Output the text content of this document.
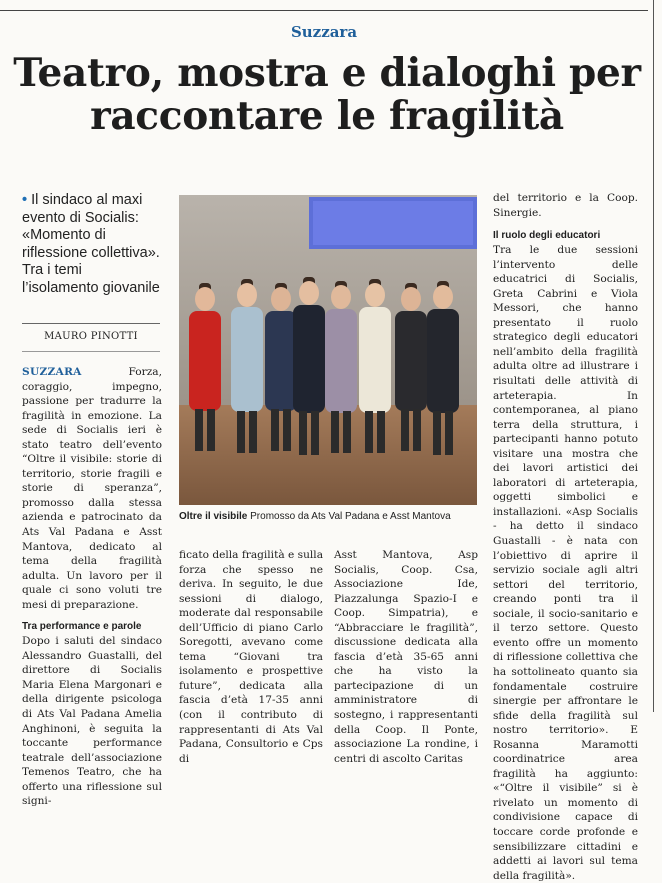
Suzzara
Teatro, mostra e dialoghi per raccontare le fragilità
• Il sindaco al maxi evento di Socialis: «Momento di riflessione collettiva». Tra i temi l’isolamento giovanile
MAURO PINOTTI

SUZZARA	Forza, coraggio, impegno, passione per tradurre la fragilità in emozione. La sede di Socialis ieri è stato teatro dell’evento “Oltre il visibile: storie di territorio, storie fragili e storie di speranza”, promosso dalla stessa azienda e patrocinato da Ats Val Padana e Asst Mantova, dedicato al tema della fragilità adulta. Un lavoro per il quale ci sono voluti tre mesi di preparazione.

Tra performance e parole

Dopo i saluti del sindaco Alessandro Guastalli, del direttore di Socialis Maria Elena Margonari e della dirigente psicologa di Ats Val Padana Amelia Anghinoni, è seguita la toccante performance teatrale dell’associazione Temenos Teatro, che ha offerto una riflessione sul signi-

ficato della fragilità e sulla forza che spesso ne deriva. In seguito, le due sessioni di dialogo, moderate dal responsabile dell’Ufficio di piano Carlo Soregotti, avevano come tema “Giovani tra isolamento e prospettive future”, dedicata alla fascia d’età 17-35 anni (con il contributo di rappresentanti di Ats Val Padana, Consultorio e Cps di

Asst Mantova, Asp Socialis, Coop. Csa, Associazione Ide, Piazzalunga Spazio-I e Coop. Simpatria), e “Abbracciare le fragilità”, discussione dedicata alla fascia d’età 35-65 anni che ha visto la partecipazione di un amministratore di sostegno, i rappresentanti della Coop. Il Ponte, associazione La rondine, i centri di ascolto Caritas

del territorio e la Coop. Sinergie.

Il ruolo degli educatori

Tra le due sessioni l’intervento delle educatrici di Socialis, Greta Cabrini e Viola Messori, che hanno presentato il ruolo strategico degli educatori nell’ambito della fragilità adulta oltre ad illustrare i risultati delle attività di arteterapia. In contemporanea, al piano terra della struttura, i partecipanti hanno potuto visitare una mostra che dei lavori artistici dei laboratori di arteterapia, oggetti simbolici e installazioni. «Asp Socialis - ha detto il sindaco Guastalli - è nata con l’obiettivo di aprire il servizio sociale agli altri settori del territorio, creando ponti tra il sociale, il socio-sanitario e il terzo settore. Questo evento offre un momento di riflessione collettiva che ha sottolineato quanto sia fondamentale costruire sinergie per affrontare le sfide della fragilità sul nostro territorio». E Rosanna Maramotti coordinatrice area fragilità ha aggiunto: «“Oltre il visibile” si è rivelato un momento di condivisione capace di toccare corde profonde e sensibilizzare cittadini e addetti ai lavori sul tema della fragilità».

Oltre il visibile Promosso da Ats Val Padana e Asst Mantova
